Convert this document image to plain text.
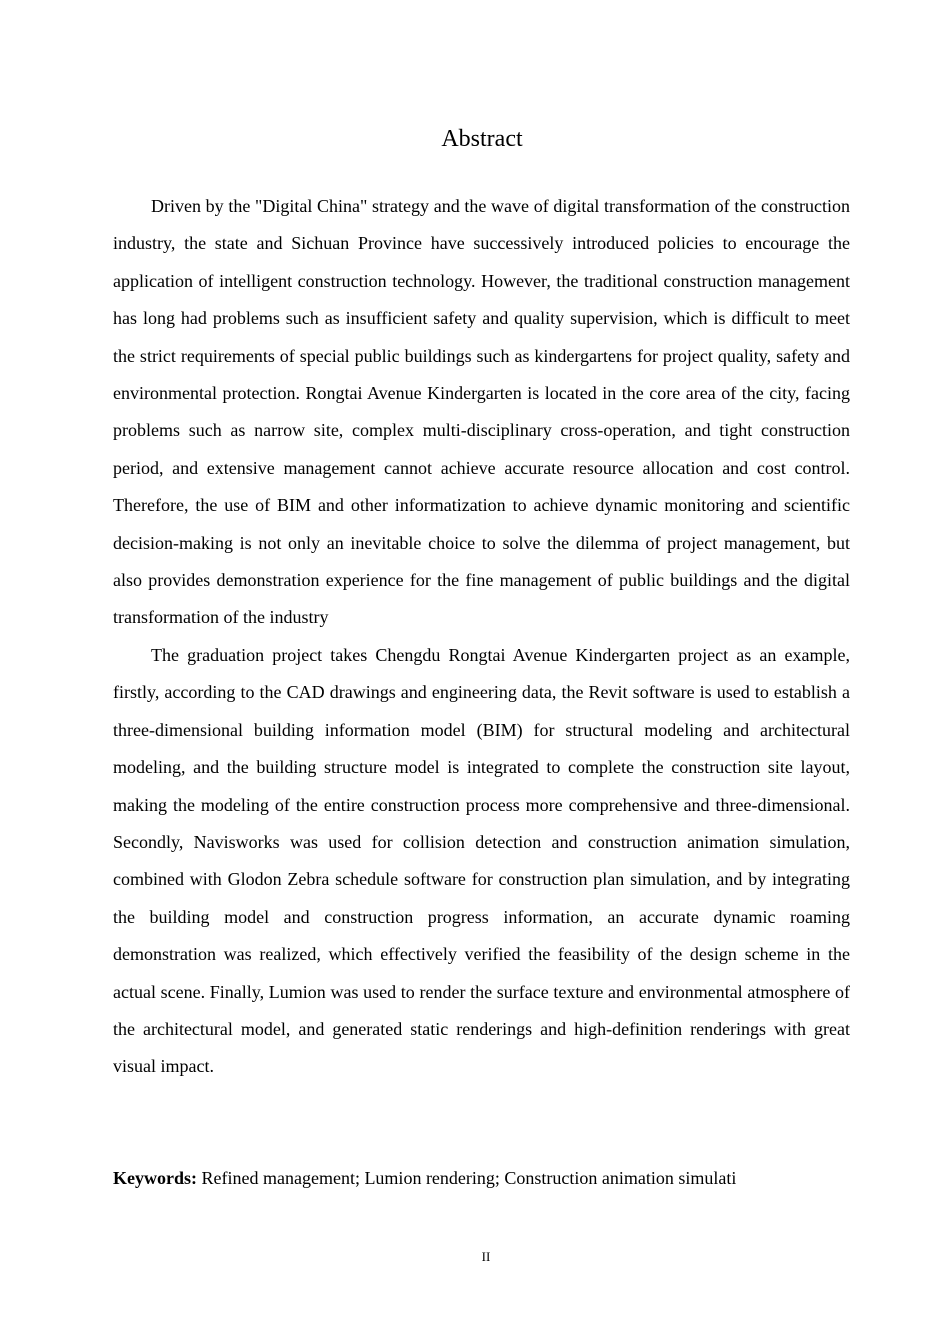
Abstract

Driven by the "Digital China" strategy and the wave of digital transformation of the construction industry, the state and Sichuan Province have successively introduced policies to encourage the application of intelligent construction technology. However, the traditional construction management has long had problems such as insufficient safety and quality supervision, which is difficult to meet the strict requirements of special public buildings such as kindergartens for project quality, safety and environmental protection. Rongtai Avenue Kindergarten is located in the core area of the city, facing problems such as narrow site, complex multi-disciplinary cross-operation, and tight construction period, and extensive management cannot achieve accurate resource allocation and cost control. Therefore, the use of BIM and other informatization to achieve dynamic monitoring and scientific decision-making is not only an inevitable choice to solve the dilemma of project management, but also provides demonstration experience for the fine management of public buildings and the digital transformation of the industry

The graduation project takes Chengdu Rongtai Avenue Kindergarten project as an example, firstly, according to the CAD drawings and engineering data, the Revit software is used to establish a three-dimensional building information model (BIM) for structural modeling and architectural modeling, and the building structure model is integrated to complete the construction site layout, making the modeling of the entire construction process more comprehensive and three-dimensional. Secondly, Navisworks was used for collision detection and construction animation simulation, combined with Glodon Zebra schedule software for construction plan simulation, and by integrating the building model and construction progress information, an accurate dynamic roaming demonstration was realized, which effectively verified the feasibility of the design scheme in the actual scene. Finally, Lumion was used to render the surface texture and environmental atmosphere of the architectural model, and generated static renderings and high-definition renderings with great visual impact.

Keywords: Refined management; Lumion rendering; Construction animation simulati
II
